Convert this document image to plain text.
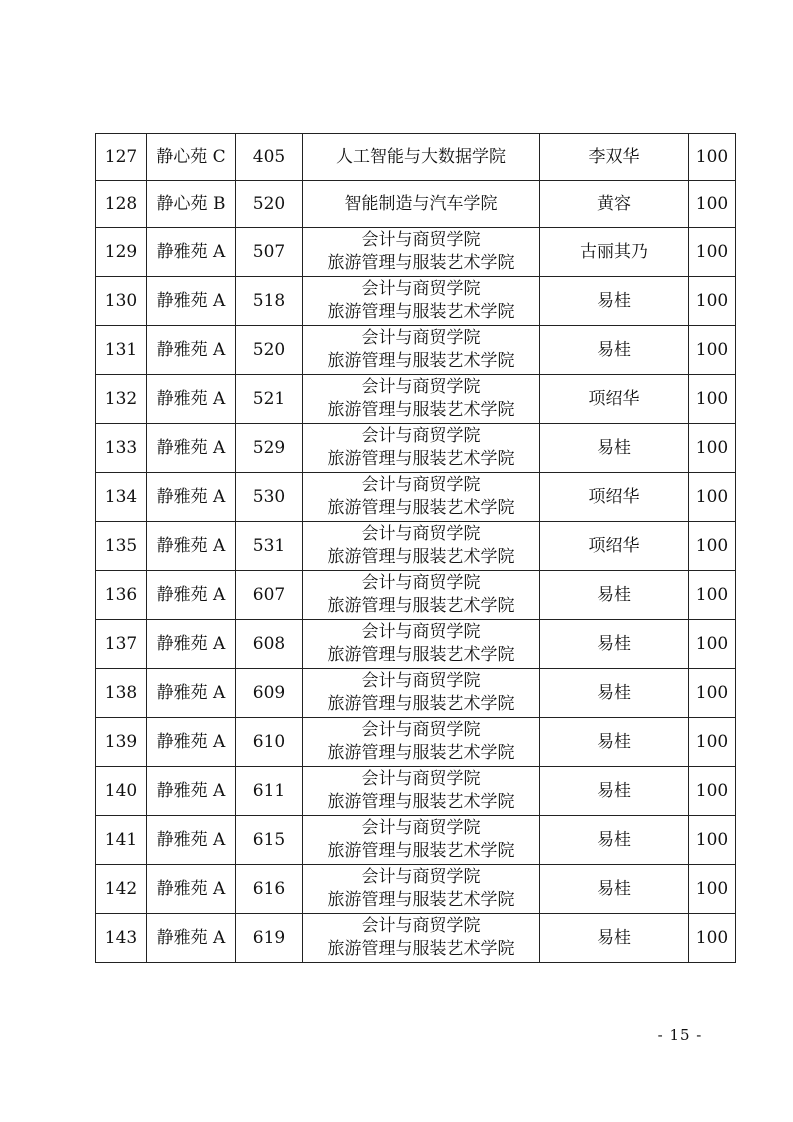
127	静心苑 C	405	人工智能与大数据学院	李双华	100
128	静心苑 B	520	智能制造与汽车学院	黄容	100
129	静雅苑 A	507	会计与商贸学院
旅游管理与服装艺术学院	古丽其乃	100
130	静雅苑 A	518	会计与商贸学院
旅游管理与服装艺术学院	易桂	100
131	静雅苑 A	520	会计与商贸学院
旅游管理与服装艺术学院	易桂	100
132	静雅苑 A	521	会计与商贸学院
旅游管理与服装艺术学院	项绍华	100
133	静雅苑 A	529	会计与商贸学院
旅游管理与服装艺术学院	易桂	100
134	静雅苑 A	530	会计与商贸学院
旅游管理与服装艺术学院	项绍华	100
135	静雅苑 A	531	会计与商贸学院
旅游管理与服装艺术学院	项绍华	100
136	静雅苑 A	607	会计与商贸学院
旅游管理与服装艺术学院	易桂	100
137	静雅苑 A	608	会计与商贸学院
旅游管理与服装艺术学院	易桂	100
138	静雅苑 A	609	会计与商贸学院
旅游管理与服装艺术学院	易桂	100
139	静雅苑 A	610	会计与商贸学院
旅游管理与服装艺术学院	易桂	100
140	静雅苑 A	611	会计与商贸学院
旅游管理与服装艺术学院	易桂	100
141	静雅苑 A	615	会计与商贸学院
旅游管理与服装艺术学院	易桂	100
142	静雅苑 A	616	会计与商贸学院
旅游管理与服装艺术学院	易桂	100
143	静雅苑 A	619	会计与商贸学院
旅游管理与服装艺术学院	易桂	100
- 15 -
